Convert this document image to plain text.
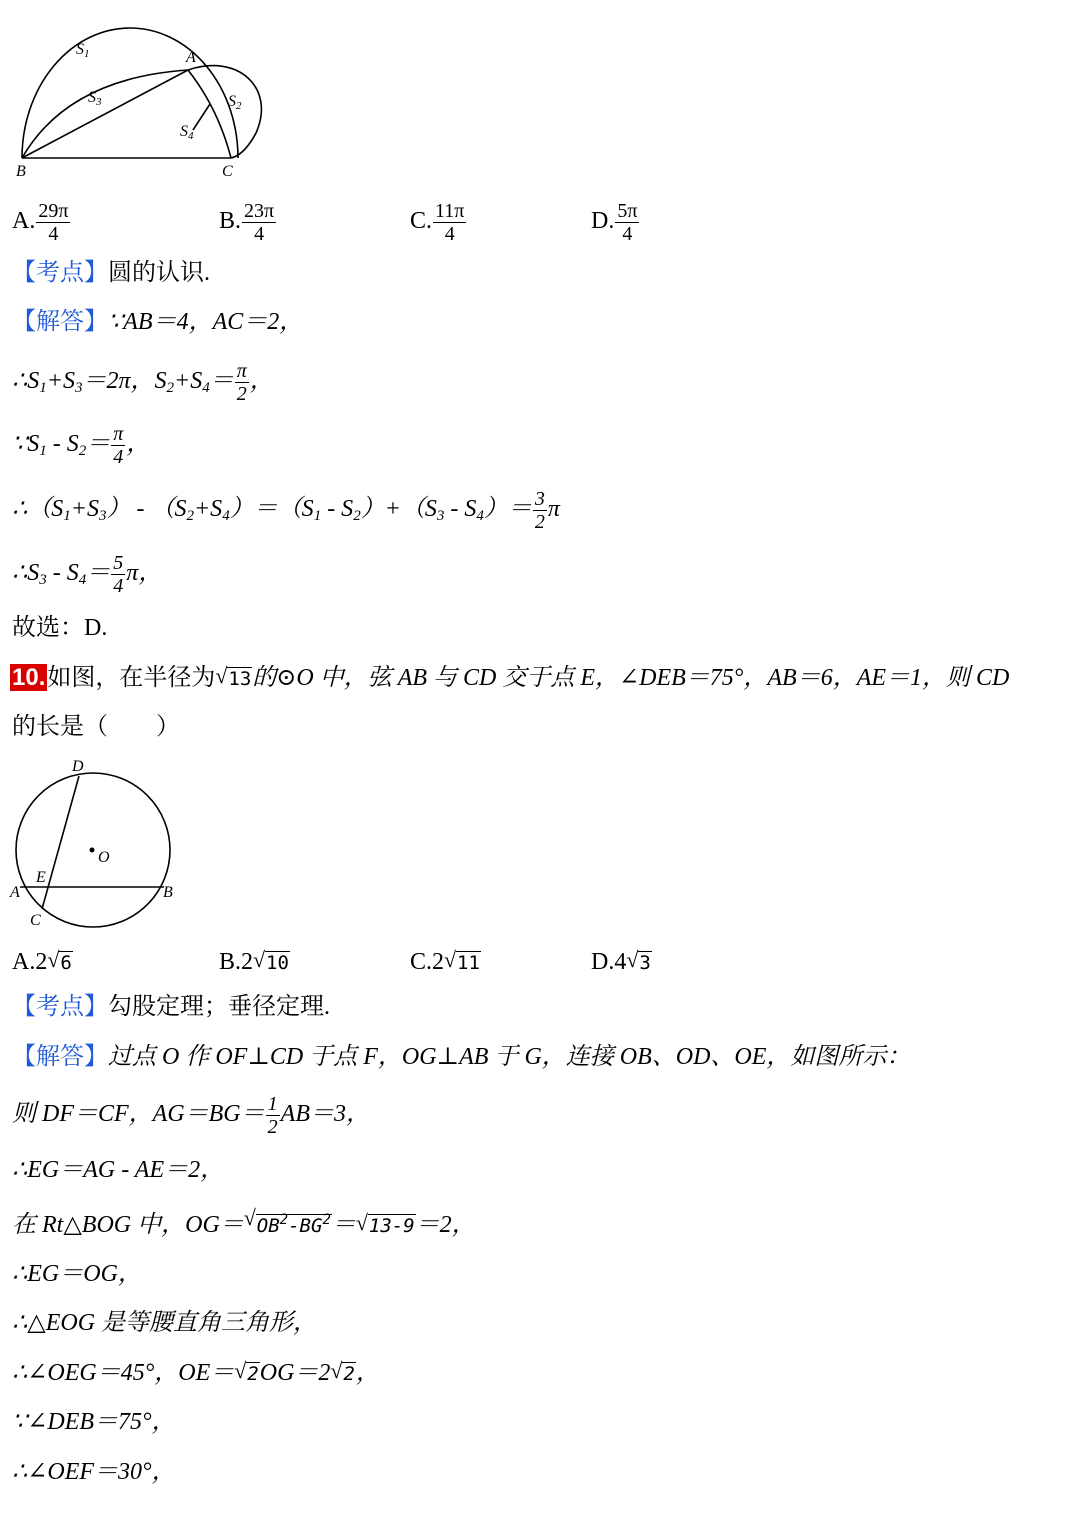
S1
S3	S2
S4
A
B	C
A. $\frac{29\pi}{4}$	B. $\frac{23\pi}{4}$	C. $\frac{11\pi}{4}$	D. $\frac{5\pi}{4}$
【考点】圆的认识.
【解答】∵AB＝4，AC＝2，
$\therefore S_1+S_3=2\pi$，$S_2+S_4= \frac{\pi}{2}$ ，
$\because S_1 - S_2= \frac{\pi}{4}$ ，
$\therefore(S_1+S_3) - (S_2+S_4)=(S_1 - S_2)+(S_3 - S_4)= \frac{3}{2}$ π
$\therefore S_3 - S_4= \frac{5}{4}$ π，
故选：D.
10.如图，在半径为√ 13的⊙O 中，弦 AB 与 CD 交于点 E，∠DEB＝75°，AB＝6，AE＝1，则 CD
的长是（　　）
D
O
E
A	B
C
A.2√ 6	B.2√ 10	C.2√ 11	D.4√ 3
【考点】勾股定理；垂径定理.
【解答】过点 O 作 OF⊥CD 于点 F，OG⊥AB 于 G，连接 OB、OD、OE，如图所示：
则 DF＝CF，$AG=BG= \frac{1}{2} AB=3$，
∴EG＝AG - AE＝2，
在 Rt△BOG 中，OG＝√ $OB^2-BG^2=√$ 13-9＝2，
∴EG＝OG，
∴△EOG 是等腰直角三角形，
∴∠OEG＝45°，OE＝√ 2OG＝2√ 2，
∵∠DEB＝75°，
∴∠OEF＝30°，
